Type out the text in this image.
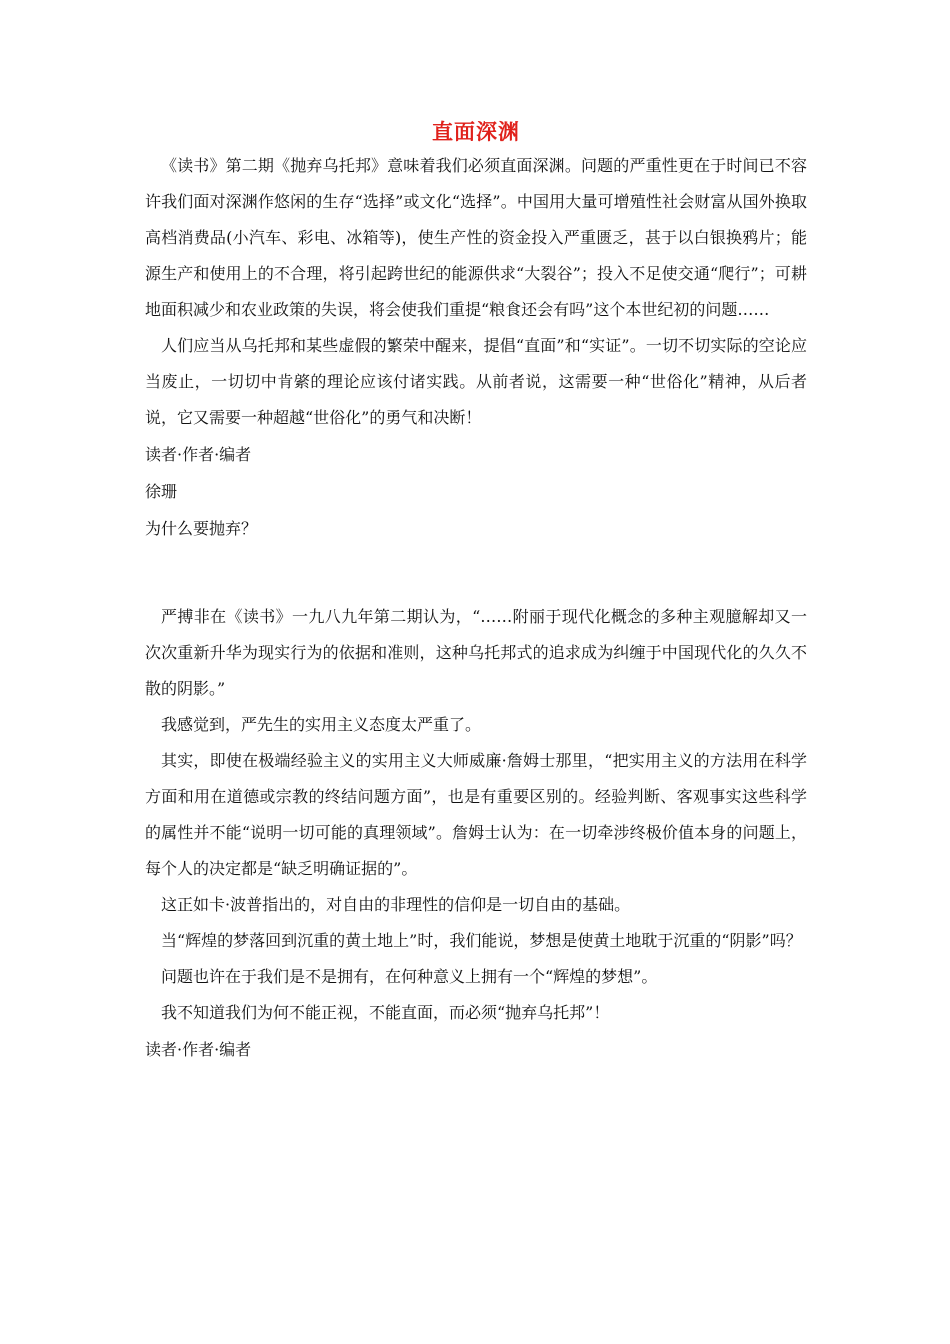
直面深渊

《读书》第二期《抛弃乌托邦》意味着我们必须直面深渊。问题的严重性更在于时间已不容许我们面对深渊作悠闲的生存“选择”或文化“选择”。中国用大量可增殖性社会财富从国外换取高档消费品(小汽车、彩电、冰箱等)，使生产性的资金投入严重匮乏，甚于以白银换鸦片；能源生产和使用上的不合理，将引起跨世纪的能源供求“大裂谷”；投入不足使交通“爬行”；可耕地面积减少和农业政策的失误，将会使我们重提“粮食还会有吗”这个本世纪初的问题……

人们应当从乌托邦和某些虚假的繁荣中醒来，提倡“直面”和“实证”。一切不切实际的空论应当废止，一切切中肯綮的理论应该付诸实践。从前者说，这需要一种“世俗化”精神，从后者说，它又需要一种超越“世俗化”的勇气和决断！

读者·作者·编者

徐珊

为什么要抛弃？

严搏非在《读书》一九八九年第二期认为，“……附丽于现代化概念的多种主观臆解却又一次次重新升华为现实行为的依据和准则，这种乌托邦式的追求成为纠缠于中国现代化的久久不散的阴影。”

我感觉到，严先生的实用主义态度太严重了。

其实，即使在极端经验主义的实用主义大师威廉·詹姆士那里，“把实用主义的方法用在科学方面和用在道德或宗教的终结问题方面”，也是有重要区别的。经验判断、客观事实这些科学的属性并不能“说明一切可能的真理领域”。詹姆士认为：在一切牵涉终极价值本身的问题上，每个人的决定都是“缺乏明确证据的”。

这正如卡·波普指出的，对自由的非理性的信仰是一切自由的基础。

当“辉煌的梦落回到沉重的黄土地上”时，我们能说，梦想是使黄土地耽于沉重的“阴影”吗？

问题也许在于我们是不是拥有，在何种意义上拥有一个“辉煌的梦想”。

我不知道我们为何不能正视，不能直面，而必须“抛弃乌托邦”！

读者·作者·编者
